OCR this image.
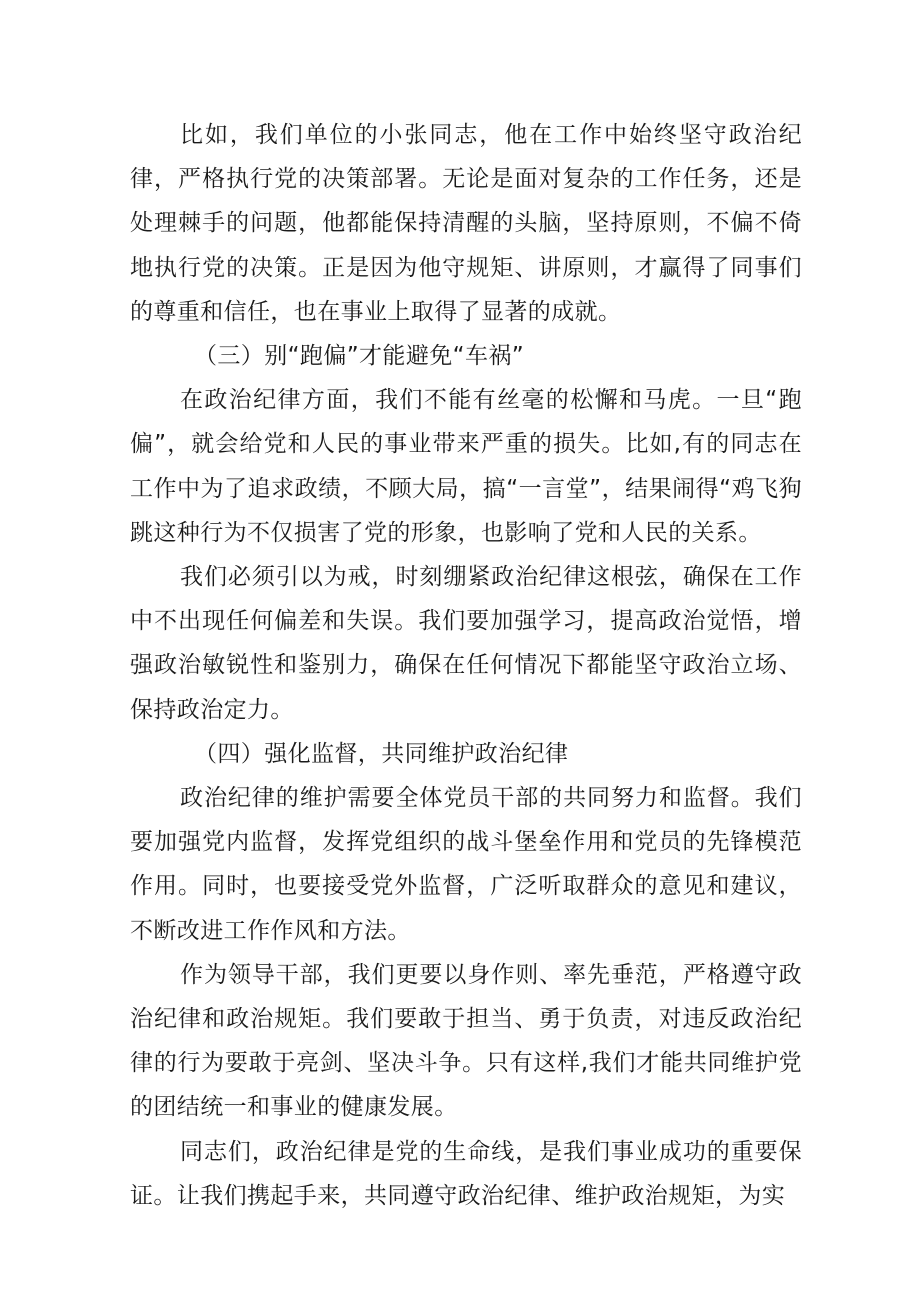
比如，我们单位的小张同志，他在工作中始终坚守政治纪律，严格执行党的决策部署。无论是面对复杂的工作任务，还是处理棘手的问题，他都能保持清醒的头脑，坚持原则，不偏不倚地执行党的决策。正是因为他守规矩、讲原则，才赢得了同事们的尊重和信任，也在事业上取得了显著的成就。

（三）别“跑偏”才能避免“车祸”

在政治纪律方面，我们不能有丝毫的松懈和马虎。一旦“跑偏”，就会给党和人民的事业带来严重的损失。比如,有的同志在工作中为了追求政绩，不顾大局，搞“一言堂”，结果闹得“鸡飞狗跳这种行为不仅损害了党的形象，也影响了党和人民的关系。

我们必须引以为戒，时刻绷紧政治纪律这根弦，确保在工作中不出现任何偏差和失误。我们要加强学习，提高政治觉悟，增强政治敏锐性和鉴别力，确保在任何情况下都能坚守政治立场、保持政治定力。

（四）强化监督，共同维护政治纪律

政治纪律的维护需要全体党员干部的共同努力和监督。我们要加强党内监督，发挥党组织的战斗堡垒作用和党员的先锋模范作用。同时，也要接受党外监督，广泛听取群众的意见和建议，不断改进工作作风和方法。

作为领导干部，我们更要以身作则、率先垂范，严格遵守政治纪律和政治规矩。我们要敢于担当、勇于负责，对违反政治纪律的行为要敢于亮剑、坚决斗争。只有这样,我们才能共同维护党的团结统一和事业的健康发展。

同志们，政治纪律是党的生命线，是我们事业成功的重要保证。让我们携起手来，共同遵守政治纪律、维护政治规矩，为实
